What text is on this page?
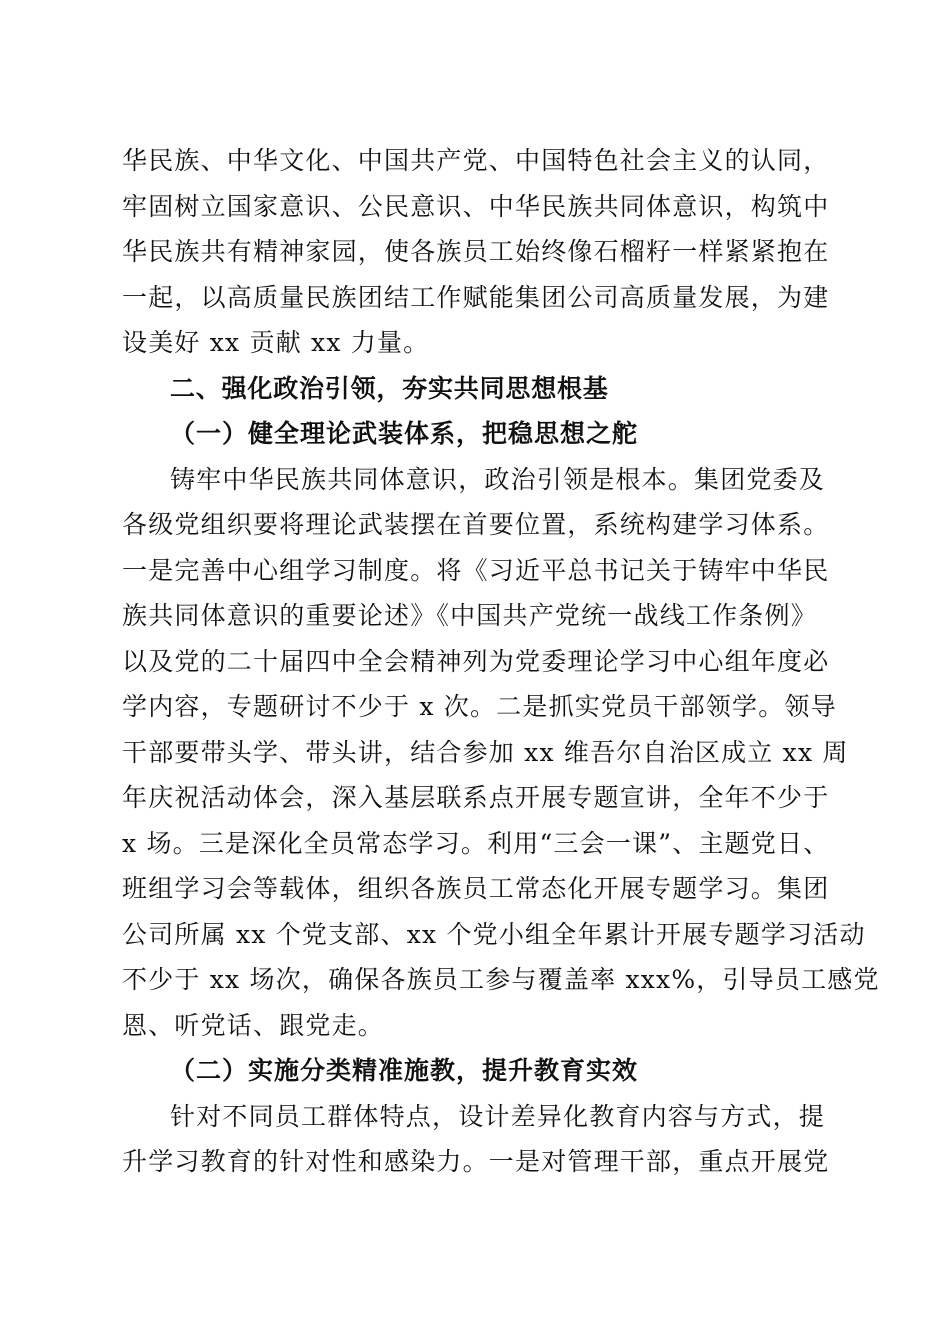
华民族、中华文化、中国共产党、中国特色社会主义的认同，
牢固树立国家意识、公民意识、中华民族共同体意识，构筑中
华民族共有精神家园，使各族员工始终像石榴籽一样紧紧抱在
一起，以高质量民族团结工作赋能集团公司高质量发展，为建
设美好 xx 贡献 xx 力量。
二、强化政治引领，夯实共同思想根基
（一）健全理论武装体系，把稳思想之舵
铸牢中华民族共同体意识，政治引领是根本。集团党委及
各级党组织要将理论武装摆在首要位置，系统构建学习体系。
一是完善中心组学习制度。将《习近平总书记关于铸牢中华民
族共同体意识的重要论述》《中国共产党统一战线工作条例》
以及党的二十届四中全会精神列为党委理论学习中心组年度必
学内容，专题研讨不少于 x 次。二是抓实党员干部领学。领导
干部要带头学、带头讲，结合参加 xx 维吾尔自治区成立 xx 周
年庆祝活动体会，深入基层联系点开展专题宣讲，全年不少于
x 场。三是深化全员常态学习。利用“三会一课”、主题党日、
班组学习会等载体，组织各族员工常态化开展专题学习。集团
公司所属 xx 个党支部、xx 个党小组全年累计开展专题学习活动
不少于 xx 场次，确保各族员工参与覆盖率 xxx%，引导员工感党
恩、听党话、跟党走。
（二）实施分类精准施教，提升教育实效
针对不同员工群体特点，设计差异化教育内容与方式，提
升学习教育的针对性和感染力。一是对管理干部，重点开展党
